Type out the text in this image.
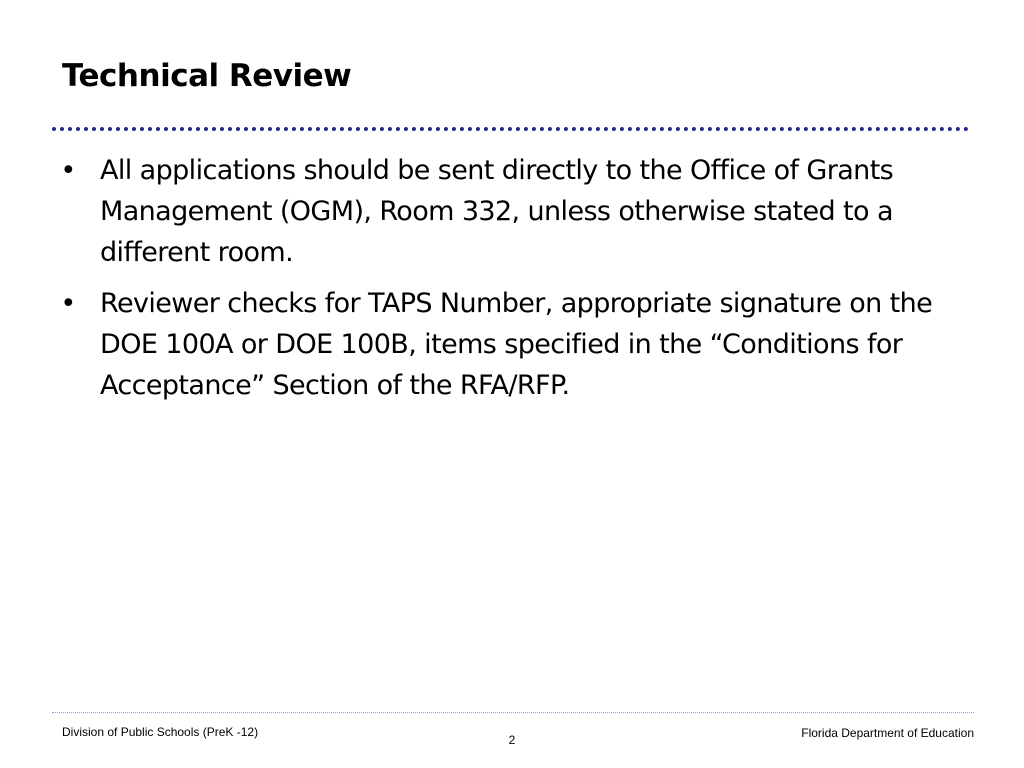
Technical Review
• All applications should be sent directly to the Office of Grants Management (OGM), Room 332, unless otherwise stated to a different room.
• Reviewer checks for TAPS Number, appropriate signature on the DOE 100A or DOE 100B, items specified in the “Conditions for Acceptance” Section of the RFA/RFP.
Division of Public Schools (PreK -12)
2	Florida Department of Education
